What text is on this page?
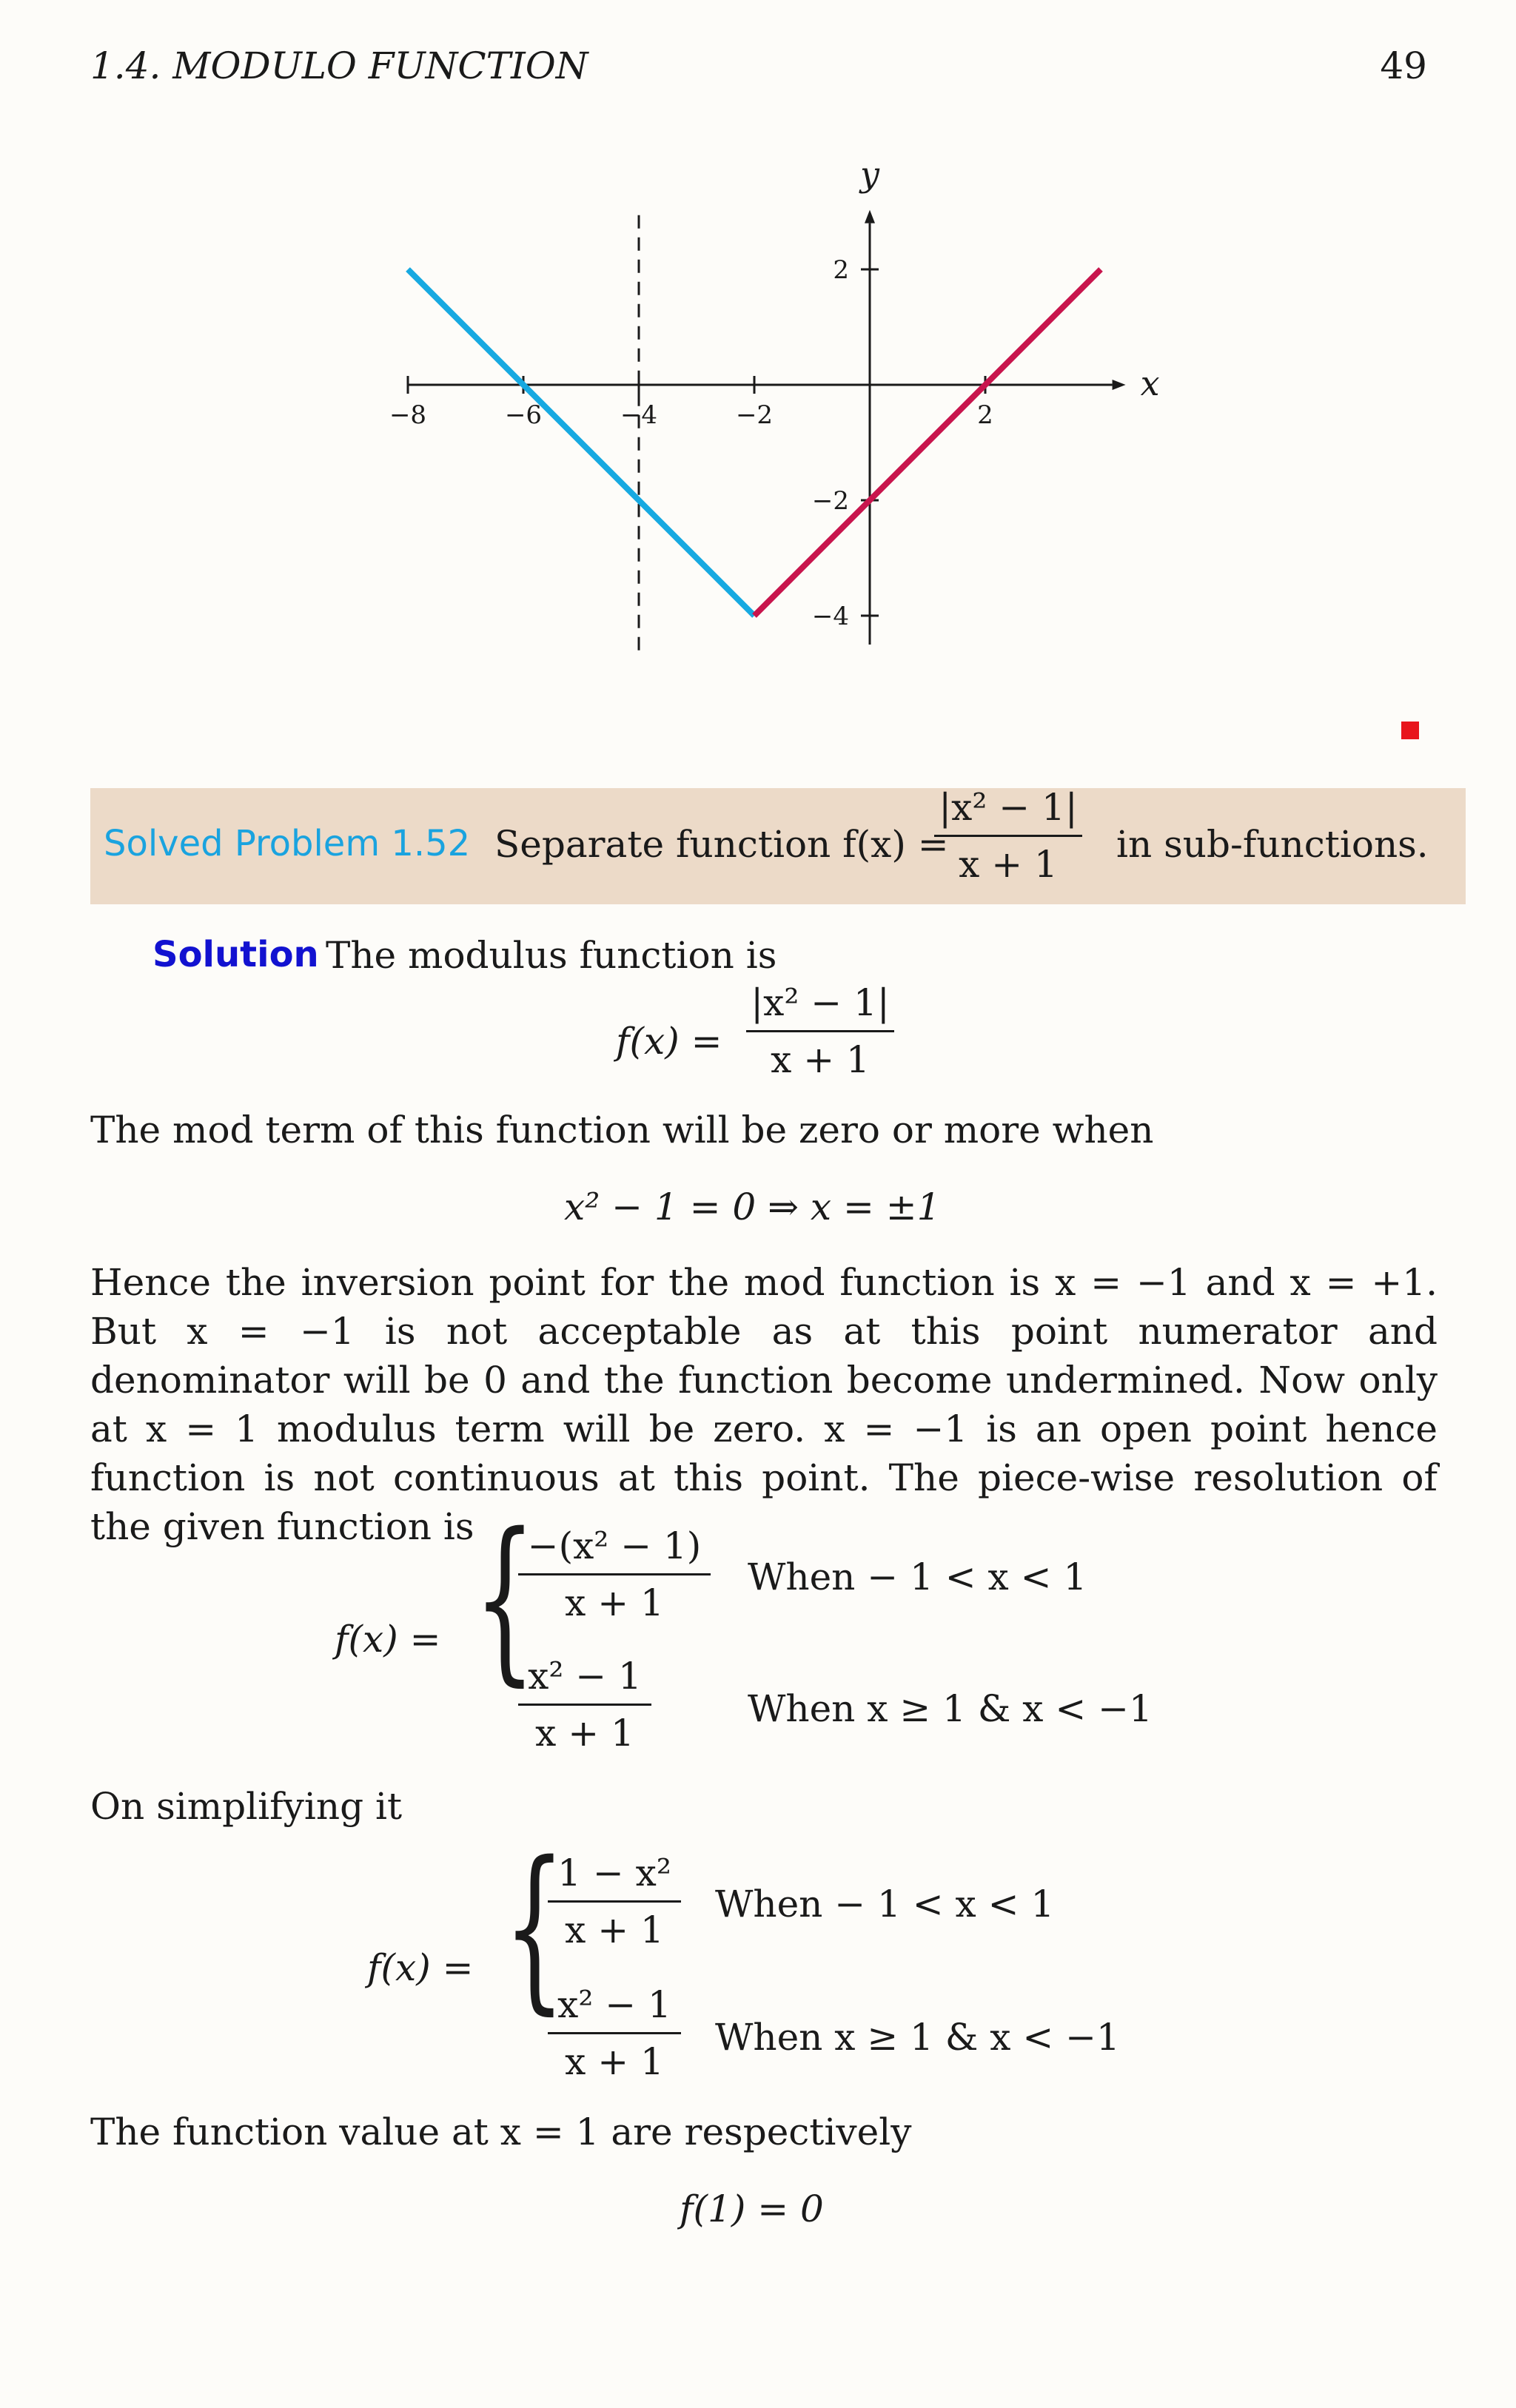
1.4. MODULO FUNCTION	49
−8	−6	−4	−2	2
2
−2
−4
x
y
Solved Problem 1.52 Separate function f(x) =
|x² − 1|
x + 1	in sub-functions.
Solution The modulus function is
f(x) =
|x² − 1|
x + 1
The mod term of this function will be zero or more when
x² − 1 = 0 ⇒ x = ±1
Hence the inversion point for the mod function is x = −1 and x = +1. But x = −1 is not acceptable as at this point numerator and denominator will be 0 and the function become undermined. Now only at x = 1 modulus term will be zero. x = −1 is an open point hence function is not continuous at this point. The piece-wise resolution of the given function is
f(x) = {
−(x² − 1)
x + 1
When − 1 < x < 1
x² − 1
x + 1
When x ≥ 1 & x < −1
On simplifying it
f(x) = {
1 − x²
x + 1
When − 1 < x < 1
x² − 1
x + 1
When x ≥ 1 & x < −1
The function value at x = 1 are respectively
f(1) = 0
